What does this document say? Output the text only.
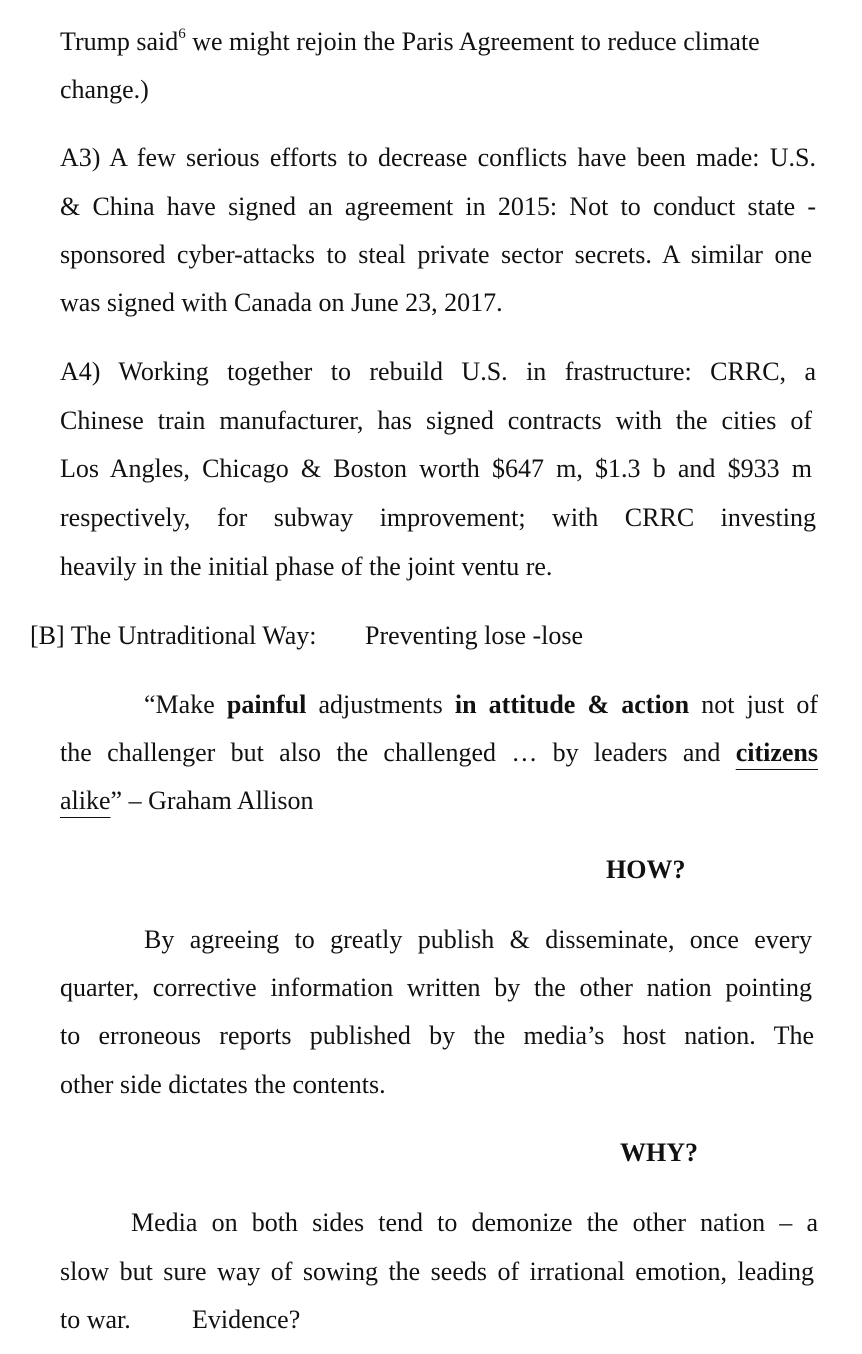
Trump said$^6$ we might rejoin the Paris Agreement to reduce climate
change.)
A3) A few serious efforts to decrease conflicts have been made: U.S.
& China have signed an agreement in 2015: Not to conduct state -
sponsored cyber-attacks to steal private sector secrets. A similar one
was signed with Canada on June 23, 2017.
A4) Working together to rebuild U.S. in frastructure: CRRC, a
Chinese train manufacturer, has signed contracts with the cities of
Los Angles, Chicago & Boston worth $647 m, $1.3 b and $933 m
respectively, for subway improvement; with CRRC investing
heavily in the initial phase of the joint ventu re.
[B] The Untraditional Way: Preventing lose -lose
“Make painful adjustments in attitude & action not just of
the challenger but also the challenged … by leaders and citizens
alike” – Graham Allison
HOW?
By agreeing to greatly publish & disseminate, once every
quarter, corrective information written by the other nation pointing
to erroneous reports published by the media’s host nation. The
other side dictates the contents.
WHY?
Media on both sides tend to demonize the other nation – a
slow but sure way of sowing the seeds of irrational emotion, leading
to war. Evidence?
